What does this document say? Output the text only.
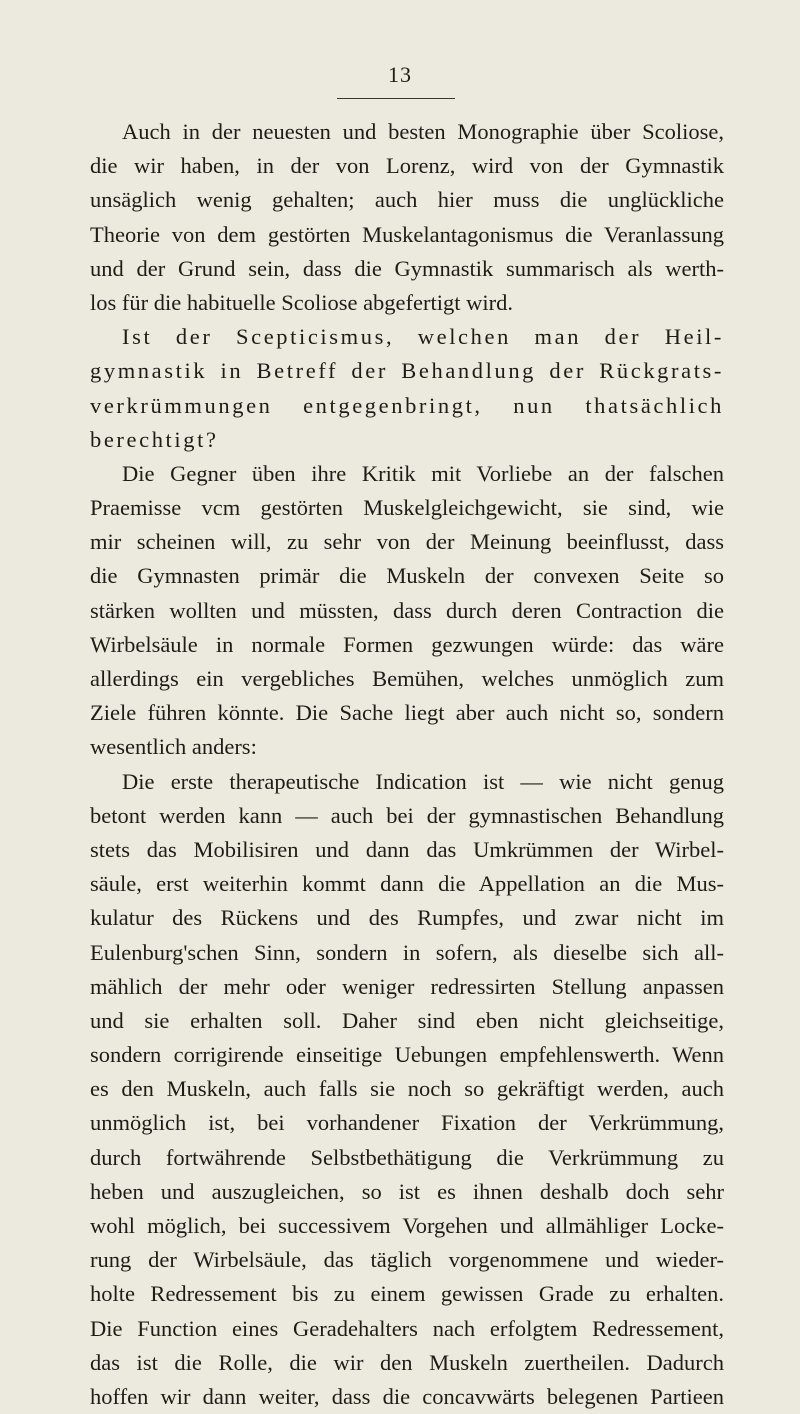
13
Auch in der neuesten und besten Monographie über Scoliose,
die wir haben, in der von Lorenz, wird von der Gymnastik
unsäglich wenig gehalten; auch hier muss die unglückliche
Theorie von dem gestörten Muskelantagonismus die Veranlassung
und der Grund sein, dass die Gymnastik summarisch als werth-
los für die habituelle Scoliose abgefertigt wird.
Ist der Scepticismus, welchen man der Heil-
gymnastik in Betreff der Behandlung der Rückgrats-
verkrümmungen entgegenbringt, nun thatsächlich
berechtigt?
Die Gegner üben ihre Kritik mit Vorliebe an der falschen
Praemisse vcm gestörten Muskelgleichgewicht, sie sind, wie
mir scheinen will, zu sehr von der Meinung beeinflusst, dass
die Gymnasten primär die Muskeln der convexen Seite so
stärken wollten und müssten, dass durch deren Contraction die
Wirbelsäule in normale Formen gezwungen würde: das wäre
allerdings ein vergebliches Bemühen, welches unmöglich zum
Ziele führen könnte. Die Sache liegt aber auch nicht so, sondern
wesentlich anders:
Die erste therapeutische Indication ist — wie nicht genug
betont werden kann — auch bei der gymnastischen Behandlung
stets das Mobilisiren und dann das Umkrümmen der Wirbel-
säule, erst weiterhin kommt dann die Appellation an die Mus-
kulatur des Rückens und des Rumpfes, und zwar nicht im
Eulenburg'schen Sinn, sondern in sofern, als dieselbe sich all-
mählich der mehr oder weniger redressirten Stellung anpassen
und sie erhalten soll. Daher sind eben nicht gleichseitige,
sondern corrigirende einseitige Uebungen empfehlenswerth. Wenn
es den Muskeln, auch falls sie noch so gekräftigt werden, auch
unmöglich ist, bei vorhandener Fixation der Verkrümmung,
durch fortwährende Selbstbethätigung die Verkrümmung zu
heben und auszugleichen, so ist es ihnen deshalb doch sehr
wohl möglich, bei successivem Vorgehen und allmähliger Locke-
rung der Wirbelsäule, das täglich vorgenommene und wieder-
holte Redressement bis zu einem gewissen Grade zu erhalten.
Die Function eines Geradehalters nach erfolgtem Redressement,
das ist die Rolle, die wir den Muskeln zuertheilen. Dadurch
hoffen wir dann weiter, dass die concavwärts belegenen Partieen
